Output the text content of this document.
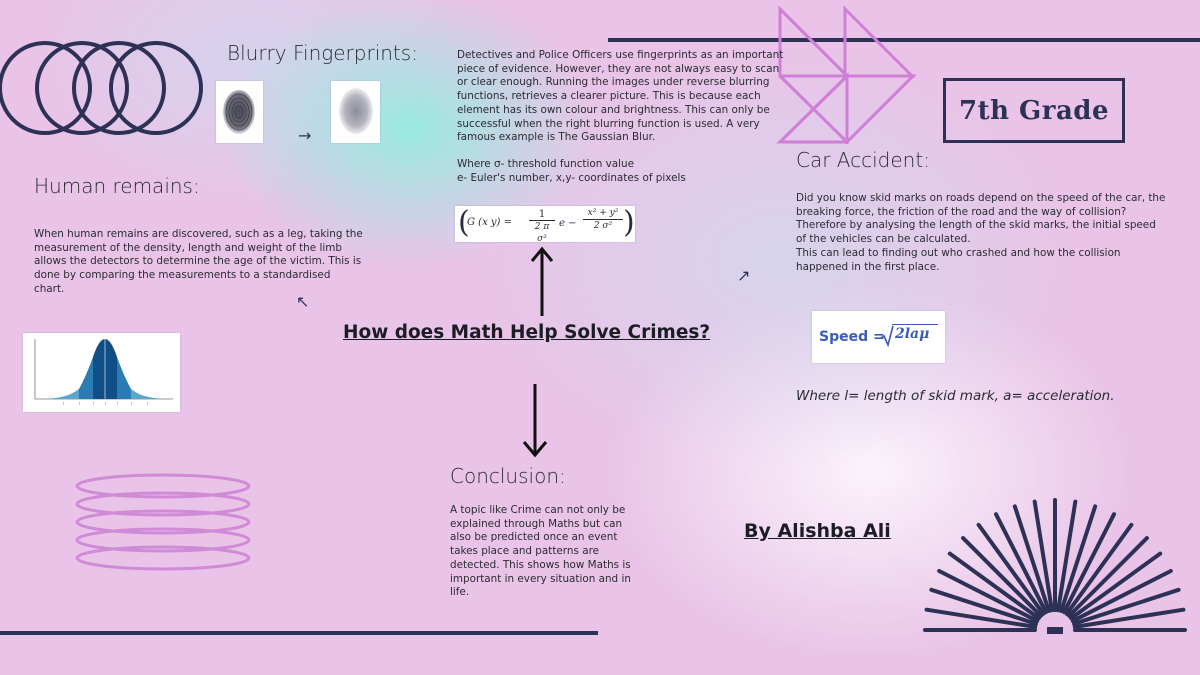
7th Grade
Blurry Fingerprints:
→

Detectives and Police Officers use fingerprints as an important piece of evidence. However, they are not always easy to scan or clear enough. Running the images under reverse blurring functions, retrieves a clearer picture. This is because each element has its own colour and brightness. This can only be successful when the right blurring function is used. A very famous example is The Gaussian Blur.

Where σ- threshold function value

e- Euler's number, x,y- coordinates of pixels

(
G (x y) =
1
2 π σ²
e −
x² + y²
2 σ² )
Human remains:
When human remains are discovered, such as a leg, taking the measurement of the density, length and weight of the limb allows the detectors to determine the age of the victim. This is done by comparing the measurements to a standardised chart.
↖
|	|	|	|	|	|	|
How does Math Help Solve Crimes?
Car Accident:

Did you know skid marks on roads depend on the speed of the car, the breaking force, the friction of the road and the way of collision? Therefore by analysing the length of the skid marks, the initial speed of the vehicles can be calculated.

This can lead to finding out who crashed and how the collision happened in the first place.

↗
Speed = 2laμ
Where l= length of skid mark, a= acceleration.
Conclusion:
A topic like Crime can not only be explained through Maths but can also be predicted once an event takes place and patterns are detected. This shows how Maths is important in every situation and in life.
By Alishba Ali
